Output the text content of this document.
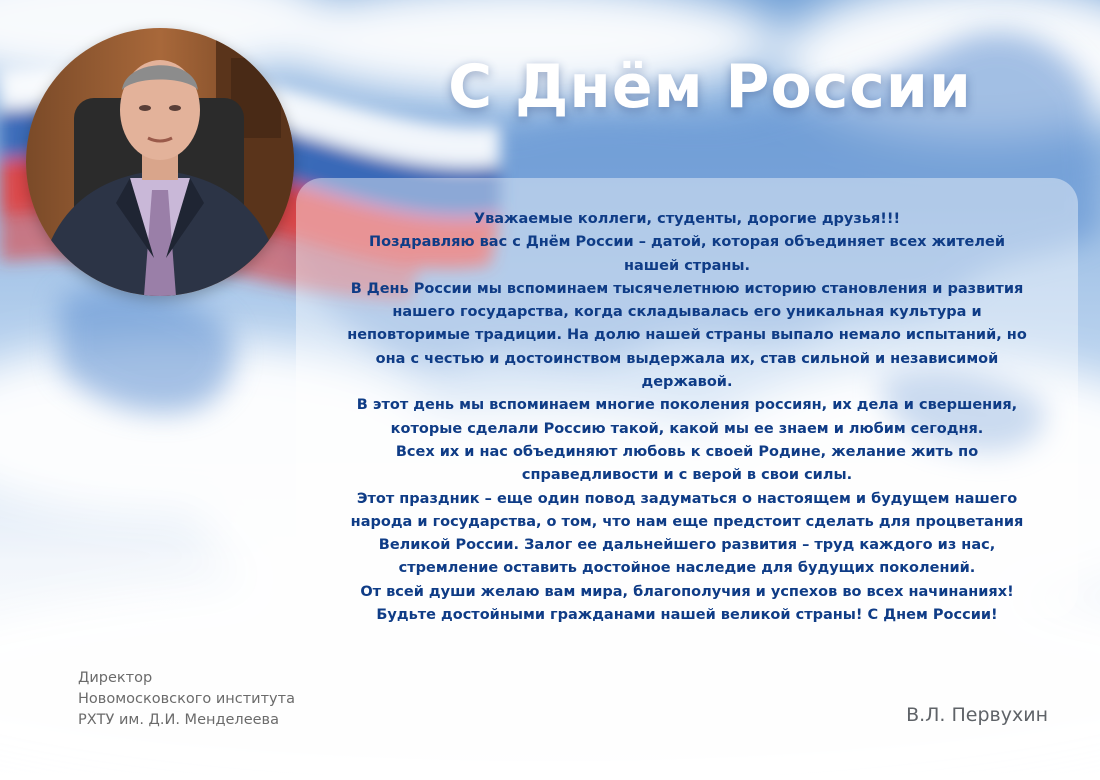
С Днём России

Уважаемые коллеги, студенты, дорогие друзья!!!
Поздравляю вас с Днём России – датой, которая объединяет всех жителей
нашей страны.
В День России мы вспоминаем тысячелетнюю историю становления и развития
нашего государства, когда складывалась его уникальная культура и
неповторимые традиции. На долю нашей страны выпало немало испытаний, но
она с честью и достоинством выдержала их, став сильной и независимой
державой.
В этот день мы вспоминаем многие поколения россиян, их дела и свершения,
которые сделали Россию такой, какой мы ее знаем и любим сегодня.
Всех их и нас объединяют любовь к своей Родине, желание жить по
справедливости и с верой в свои силы.
Этот праздник – еще один повод задуматься о настоящем и будущем нашего
народа и государства, о том, что нам еще предстоит сделать для процветания
Великой России. Залог ее дальнейшего развития – труд каждого из нас,
стремление оставить достойное наследие для будущих поколений.
От всей души желаю вам мира, благополучия и успехов во всех начинаниях!
Будьте достойными гражданами нашей великой страны! С Днем России!

Директор
Новомосковского института
РХТУ им. Д.И. Менделеева	В.Л. Первухин
